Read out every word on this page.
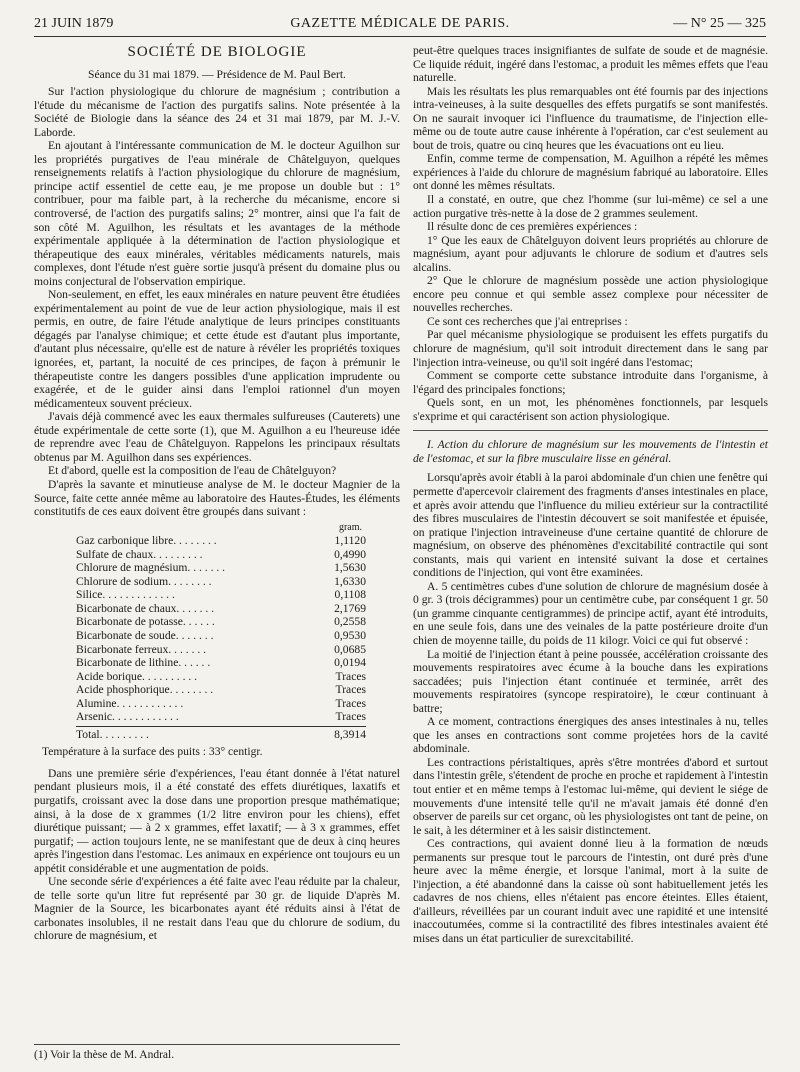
21 JUIN 1879	GAZETTE MÉDICALE DE PARIS.	— N° 25 — 325
SOCIÉTÉ DE BIOLOGIE

Séance du 31 mai 1879. — Présidence de M. Paul Bert.

Sur l'action physiologique du chlorure de magnésium ; contribution a l'étude du mécanisme de l'action des purgatifs salins. Note présentée à la Société de Biologie dans la séance des 24 et 31 mai 1879, par M. J.-V. Laborde.

En ajoutant à l'intéressante communication de M. le docteur Aguilhon sur les propriétés purgatives de l'eau minérale de Châtelguyon, quelques renseignements relatifs à l'action physiologique du chlorure de magnésium, principe actif essentiel de cette eau, je me propose un double but : 1° contribuer, pour ma faible part, à la recherche du mécanisme, encore si controversé, de l'action des purgatifs salins; 2° montrer, ainsi que l'a fait de son côté M. Aguilhon, les résultats et les avantages de la méthode expérimentale appliquée à la détermination de l'action physiologique et thérapeutique des eaux minérales, véritables médicaments naturels, mais complexes, dont l'étude n'est guère sortie jusqu'à présent du domaine plus ou moins conjectural de l'observation empirique.

Non-seulement, en effet, les eaux minérales en nature peuvent être étudiées expérimentalement au point de vue de leur action physiologique, mais il est permis, en outre, de faire l'étude analytique de leurs principes constituants dégagés par l'analyse chimique; et cette étude est d'autant plus importante, d'autant plus nécessaire, qu'elle est de nature à révéler les propriétés toxiques ignorées, et, partant, la nocuité de ces principes, de façon à prémunir le thérapeutiste contre les dangers possibles d'une application imprudente ou exagérée, et de le guider ainsi dans l'emploi rationnel d'un moyen médicamenteux souvent précieux.

J'avais déjà commencé avec les eaux thermales sulfureuses (Cauterets) une étude expérimentale de cette sorte (1), que M. Aguilhon a eu l'heureuse idée de reprendre avec l'eau de Châtelguyon. Rappelons les principaux résultats obtenus par M. Aguilhon dans ses expériences.

Et d'abord, quelle est la composition de l'eau de Châtelguyon?

D'après la savante et minutieuse analyse de M. le docteur Magnier de la Source, faite cette année même au laboratoire des Hautes-Études, les éléments constitutifs de ces eaux doivent être groupés dans suivant :

gram.
Gaz carbonique libre. . . . . . . .	1,1120
Sulfate de chaux. . . . . . . . .	0,4990
Chlorure de magnésium. . . . . . .	1,5630
Chlorure de sodium. . . . . . . .	1,6330
Silice. . . . . . . . . . . . .	0,1108
Bicarbonate de chaux. . . . . . .	2,1769
Bicarbonate de potasse. . . . . .	0,2558
Bicarbonate de soude. . . . . . .	0,9530
Bicarbonate ferreux. . . . . . .	0,0685
Bicarbonate de lithine. . . . . .	0,0194
Acide borique. . . . . . . . . .	Traces
Acide phosphorique. . . . . . . .	Traces
Alumine. . . . . . . . . . . .	Traces
Arsenic. . . . . . . . . . . .	Traces
Total. . . . . . . . .	8,3914

Température à la surface des puits : 33° centigr.

Dans une première série d'expériences, l'eau étant donnée à l'état naturel pendant plusieurs mois, il a été constaté des effets diurétiques, laxatifs et purgatifs, croissant avec la dose dans une proportion presque mathématique; ainsi, à la dose de x grammes (1/2 litre environ pour les chiens), effet diurétique puissant; — à 2 x grammes, effet laxatif; — à 3 x grammes, effet purgatif; — action toujours lente, ne se manifestant que de deux à cinq heures après l'ingestion dans l'estomac. Les animaux en expérience ont toujours eu un appétit considérable et une augmentation de poids.

Une seconde série d'expériences a été faite avec l'eau réduite par la chaleur, de telle sorte qu'un litre fut représenté par 30 gr. de liquide D'après M. Magnier de la Source, les bicarbonates ayant été réduits ainsi à l'état de carbonates insolubles, il ne restait dans l'eau que du chlorure de sodium, du chlorure de magnésium, et

(1) Voir la thèse de M. Andral.

peut-être quelques traces insignifiantes de sulfate de soude et de magnésie. Ce liquide réduit, ingéré dans l'estomac, a produit les mêmes effets que l'eau naturelle.

Mais les résultats les plus remarquables ont été fournis par des injections intra-veineuses, à la suite desquelles des effets purgatifs se sont manifestés. On ne saurait invoquer ici l'influence du traumatisme, de l'injection elle-même ou de toute autre cause inhérente à l'opération, car c'est seulement au bout de trois, quatre ou cinq heures que les évacuations ont eu lieu.

Enfin, comme terme de compensation, M. Aguilhon a répété les mêmes expériences à l'aide du chlorure de magnésium fabriqué au laboratoire. Elles ont donné les mêmes résultats.

Il a constaté, en outre, que chez l'homme (sur lui-même) ce sel a une action purgative très-nette à la dose de 2 grammes seulement.

Il résulte donc de ces premières expériences :

1° Que les eaux de Châtelguyon doivent leurs propriétés au chlorure de magnésium, ayant pour adjuvants le chlorure de sodium et d'autres sels alcalins.

2° Que le chlorure de magnésium possède une action physiologique encore peu connue et qui semble assez complexe pour nécessiter de nouvelles recherches.

Ce sont ces recherches que j'ai entreprises :

Par quel mécanisme physiologique se produisent les effets purgatifs du chlorure de magnésium, qu'il soit introduit directement dans le sang par l'injection intra-veineuse, ou qu'il soit ingéré dans l'estomac;

Comment se comporte cette substance introduite dans l'organisme, à l'égard des principales fonctions;

Quels sont, en un mot, les phénomènes fonctionnels, par lesquels s'exprime et qui caractérisent son action physiologique.

I. Action du chlorure de magnésium sur les mouvements de l'intestin et de l'estomac, et sur la fibre musculaire lisse en général.

Lorsqu'après avoir établi à la paroi abdominale d'un chien une fenêtre qui permette d'apercevoir clairement des fragments d'anses intestinales en place, et après avoir attendu que l'influence du milieu extérieur sur la contractilité des fibres musculaires de l'intestin découvert se soit manifestée et épuisée, on pratique l'injection intraveineuse d'une certaine quantité de chlorure de magnésium, on observe des phénomènes d'excitabilité contractile qui sont constants, mais qui varient en intensité suivant la dose et certaines conditions de l'injection, qui vont être examinées.

A. 5 centimètres cubes d'une solution de chlorure de magnésium dosée à 0 gr. 3 (trois décigrammes) pour un centimètre cube, par conséquent 1 gr. 50 (un gramme cinquante centigrammes) de principe actif, ayant été introduits, en une seule fois, dans une des veinales de la patte postérieure droite d'un chien de moyenne taille, du poids de 11 kilogr. Voici ce qui fut observé :

La moitié de l'injection étant à peine poussée, accélération croissante des mouvements respiratoires avec écume à la bouche dans les expirations saccadées; puis l'injection étant continuée et terminée, arrêt des mouvements respiratoires (syncope respiratoire), le cœur continuant à battre;

A ce moment, contractions énergiques des anses intestinales à nu, telles que les anses en contractions sont comme projetées hors de la cavité abdominale.

Les contractions péristaltiques, après s'être montrées d'abord et surtout dans l'intestin grêle, s'étendent de proche en proche et rapidement à l'intestin tout entier et en même temps à l'estomac lui-même, qui devient le siége de mouvements d'une intensité telle qu'il ne m'avait jamais été donné d'en observer de pareils sur cet organc, où les physiologistes ont tant de peine, on le sait, à les déterminer et à les saisir distinctement.

Ces contractions, qui avaient donné lieu à la formation de nœuds permanents sur presque tout le parcours de l'intestin, ont duré près d'une heure avec la même énergie, et lorsque l'animal, mort à la suite de l'injection, a été abandonné dans la caisse où sont habituellement jetés les cadavres de nos chiens, elles n'étaient pas encore éteintes. Elles étaient, d'ailleurs, réveillées par un courant induit avec une rapidité et une intensité inaccoutumées, comme si la contractilité des fibres intestinales avaient été mises dans un état particulier de surexcitabilité.
